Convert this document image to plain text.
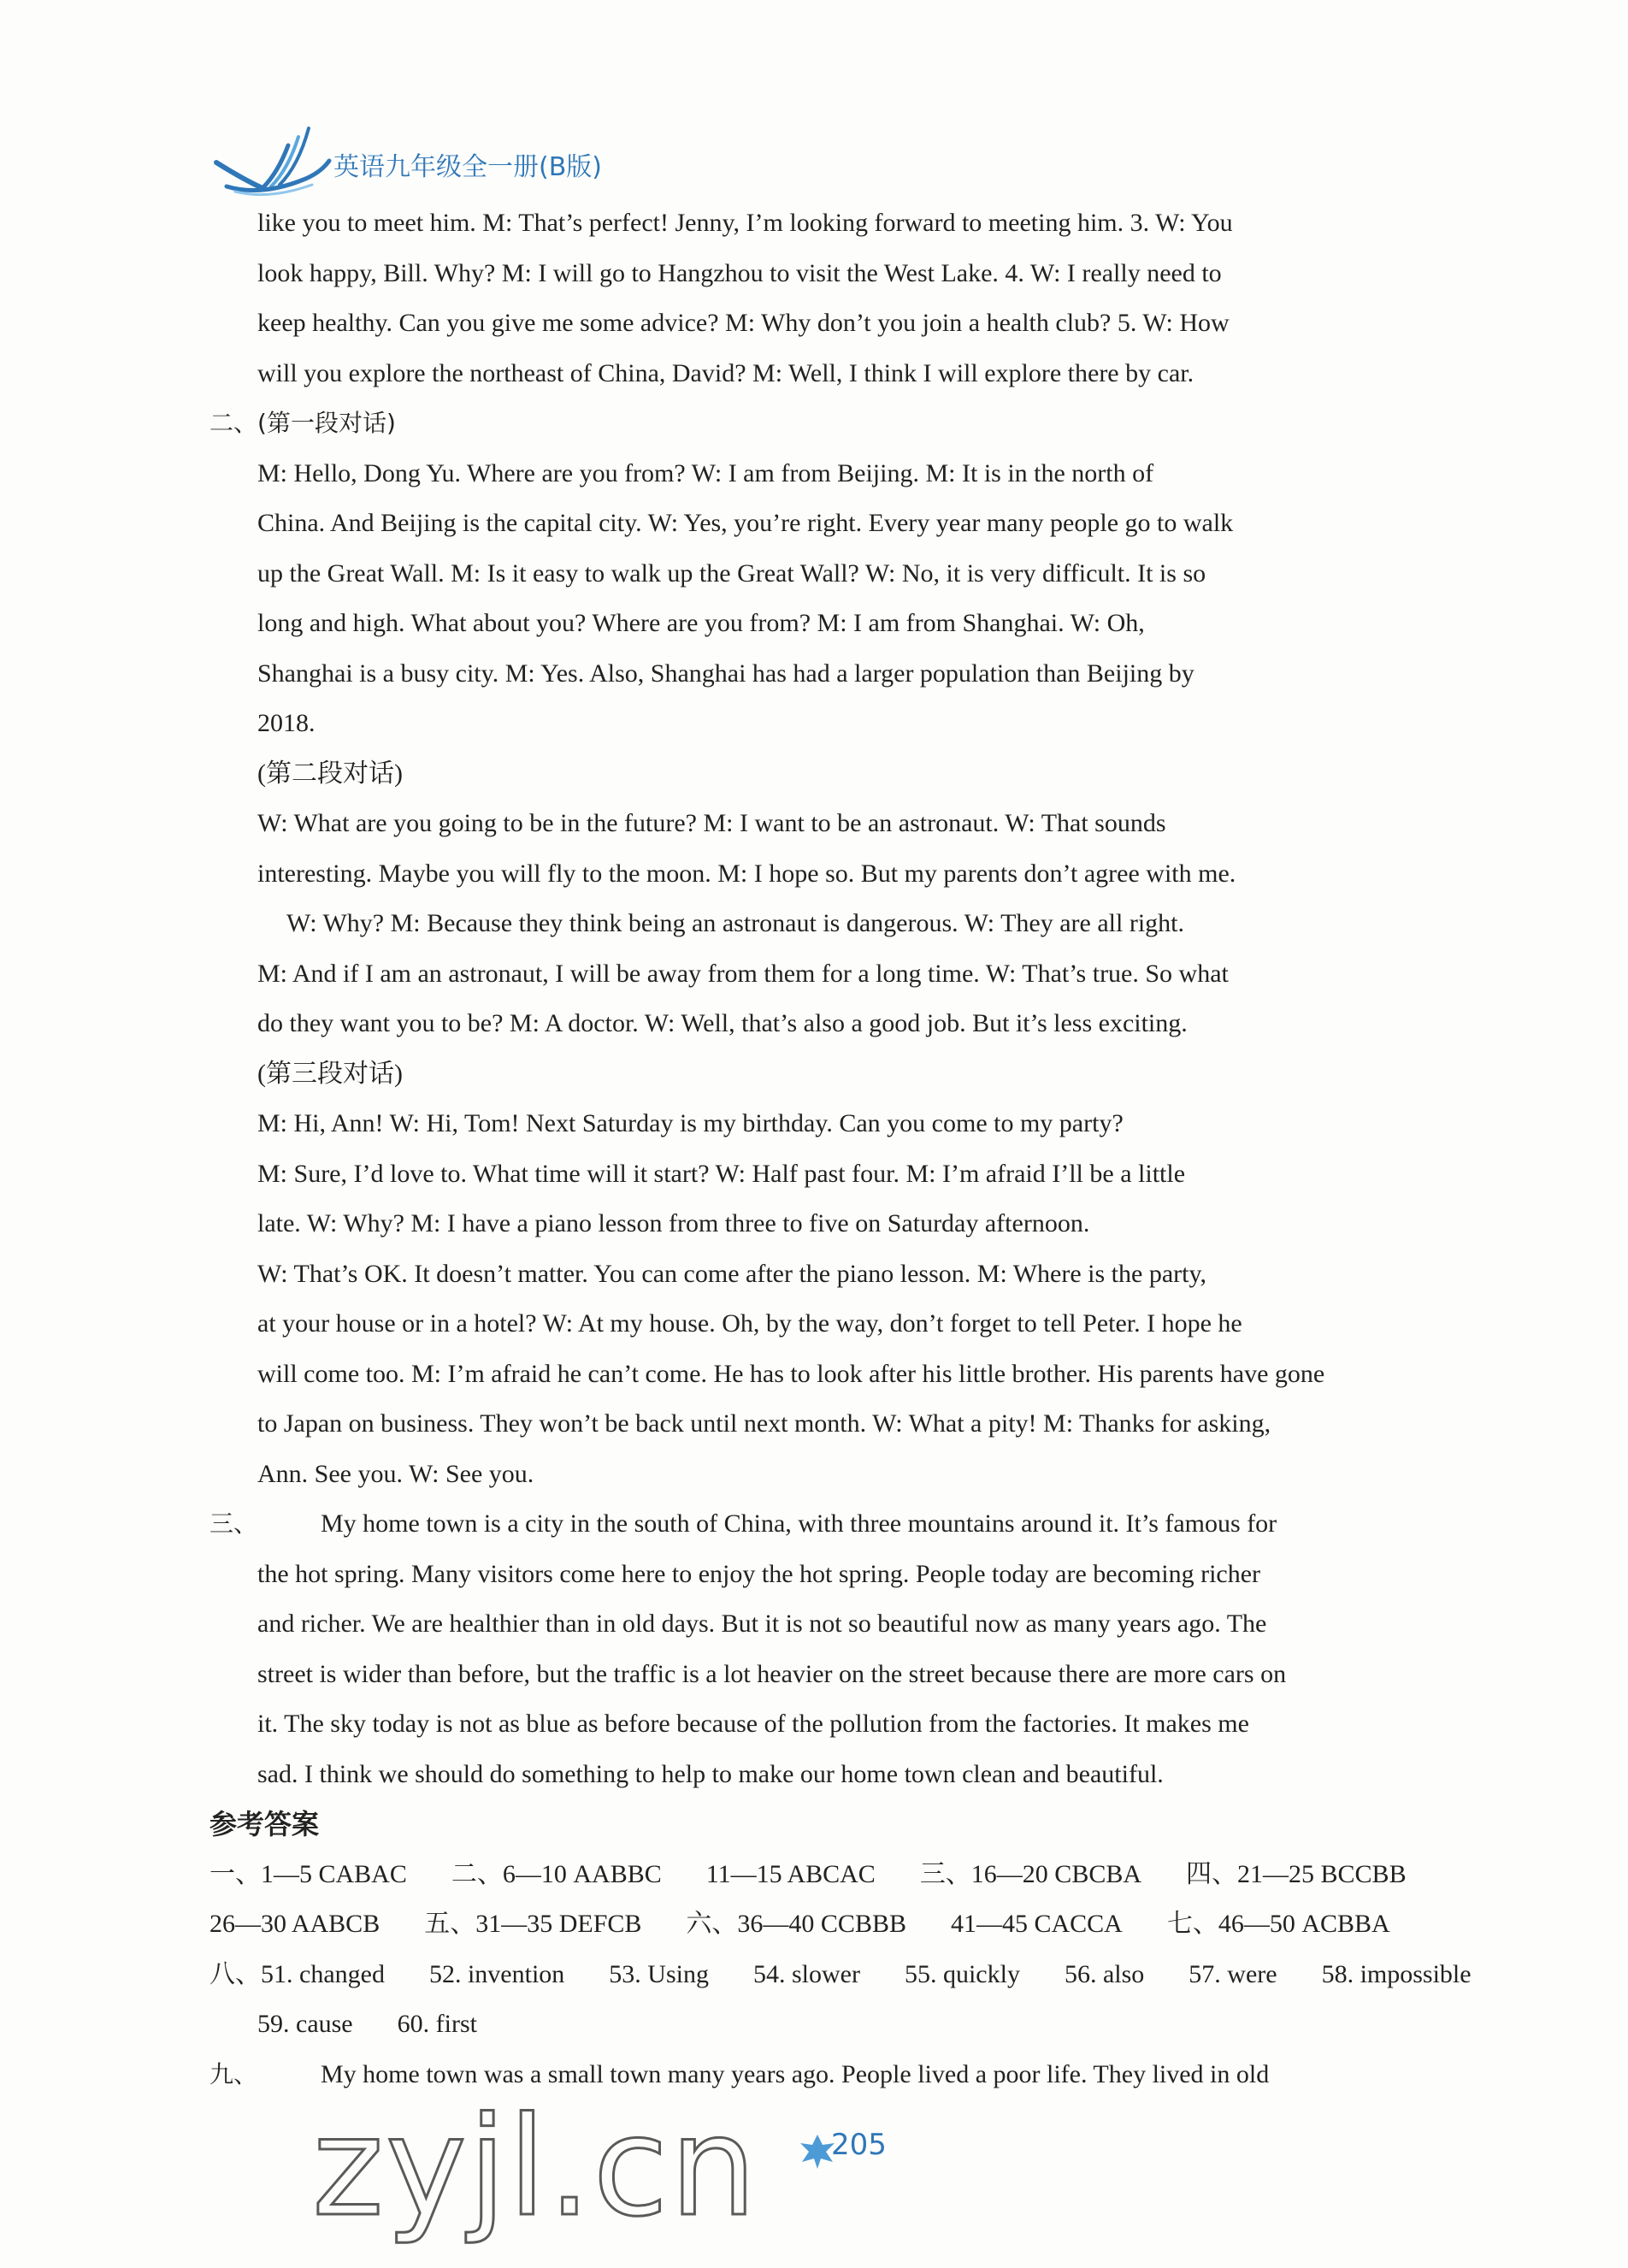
英语九年级全一册(B版)
like you to meet him. M: That’s perfect! Jenny, I’m looking forward to meeting him. 3. W: You
look happy, Bill. Why? M: I will go to Hangzhou to visit the West Lake. 4. W: I really need to
keep healthy. Can you give me some advice? M: Why don’t you join a health club? 5. W: How
will you explore the northeast of China, David? M: Well, I think I will explore there by car.
二、(第一段对话)
M: Hello, Dong Yu. Where are you from? W: I am from Beijing. M: It is in the north of
China. And Beijing is the capital city. W: Yes, you’re right. Every year many people go to walk
up the Great Wall. M: Is it easy to walk up the Great Wall? W: No, it is very difficult. It is so
long and high. What about you? Where are you from? M: I am from Shanghai. W: Oh,
Shanghai is a busy city. M: Yes. Also, Shanghai has had a larger population than Beijing by
2018.
(第二段对话)
W: What are you going to be in the future? M: I want to be an astronaut. W: That sounds
interesting. Maybe you will fly to the moon. M: I hope so. But my parents don’t agree with me.
W: Why? M: Because they think being an astronaut is dangerous. W: They are all right.
M: And if I am an astronaut, I will be away from them for a long time. W: That’s true. So what
do they want you to be? M: A doctor. W: Well, that’s also a good job. But it’s less exciting.
(第三段对话)
M: Hi, Ann! W: Hi, Tom! Next Saturday is my birthday. Can you come to my party?
M: Sure, I’d love to. What time will it start? W: Half past four. M: I’m afraid I’ll be a little
late. W: Why? M: I have a piano lesson from three to five on Saturday afternoon.
W: That’s OK. It doesn’t matter. You can come after the piano lesson. M: Where is the party,
at your house or in a hotel? W: At my house. Oh, by the way, don’t forget to tell Peter. I hope he
will come too. M: I’m afraid he can’t come. He has to look after his little brother. His parents have gone
to Japan on business. They won’t be back until next month. W: What a pity! M: Thanks for asking,
Ann. See you. W: See you.
三、 My home town is a city in the south of China, with three mountains around it. It’s famous for
the hot spring. Many visitors come here to enjoy the hot spring. People today are becoming richer
and richer. We are healthier than in old days. But it is not so beautiful now as many years ago. The
street is wider than before, but the traffic is a lot heavier on the street because there are more cars on
it. The sky today is not as blue as before because of the pollution from the factories. It makes me
sad. I think we should do something to help to make our home town clean and beautiful.
参考答案
一、1—5 CABAC 二、6—10 AABBC 11—15 ABCAC 三、16—20 CBCBA 四、21—25 BCCBB
26—30 AABCB 五、31—35 DEFCB 六、36—40 CCBBB 41—45 CACCA 七、46—50 ACBBA
八、51. changed 52. invention 53. Using 54. slower 55. quickly 56. also 57. were 58. impossible
59. cause 60. first
九、 My home town was a small town many years ago. People lived a poor life. They lived in old
205
zyjl.cn
